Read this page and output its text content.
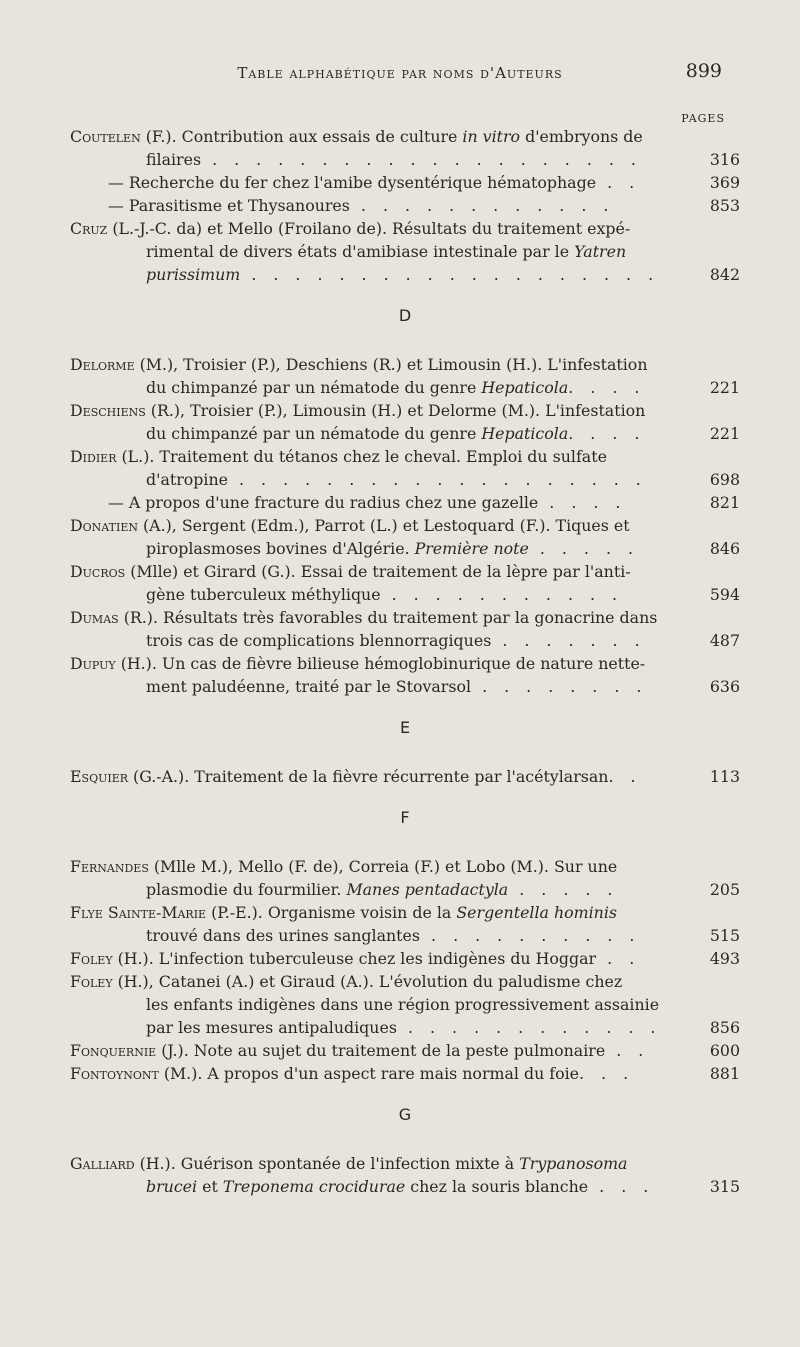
Table alphabétique par noms d'Auteurs	899
PAGES
Coutelen (F.). Contribution aux essais de culture in vitro d'embryons de
filaires . . . . . . . . . . . . . . . . . . . .	316
— Recherche du fer chez l'amibe dysentérique hématophage . .	369
— Parasitisme et Thysanoures . . . . . . . . . . . .	853
Cruz (L.-J.-C. da) et Mello (Froilano de). Résultats du traitement expé-
rimental de divers états d'amibiase intestinale par le Yatren
purissimum . . . . . . . . . . . . . . . . . . .	842
D
Delorme (M.), Troisier (P.), Deschiens (R.) et Limousin (H.). L'infestation
du chimpanzé par un nématode du genre Hepaticola. . . .	221
Deschiens (R.), Troisier (P.), Limousin (H.) et Delorme (M.). L'infestation
du chimpanzé par un nématode du genre Hepaticola. . . .	221
Didier (L.). Traitement du tétanos chez le cheval. Emploi du sulfate
d'atropine . . . . . . . . . . . . . . . . . . .	698
— A propos d'une fracture du radius chez une gazelle . . . .	821
Donatien (A.), Sergent (Edm.), Parrot (L.) et Lestoquard (F.). Tiques et
piroplasmoses bovines d'Algérie. Première note . . . . .	846
Ducros (Mlle) et Girard (G.). Essai de traitement de la lèpre par l'anti-
gène tuberculeux méthylique . . . . . . . . . . .	594
Dumas (R.). Résultats très favorables du traitement par la gonacrine dans
trois cas de complications blennorragiques . . . . . . .	487
Dupuy (H.). Un cas de fièvre bilieuse hémoglobinurique de nature nette-
ment paludéenne, traité par le Stovarsol . . . . . . . .	636
E
Esquier (G.-A.). Traitement de la fièvre récurrente par l'acétylarsan. .	113
F
Fernandes (Mlle M.), Mello (F. de), Correia (F.) et Lobo (M.). Sur une
plasmodie du fourmilier. Manes pentadactyla . . . . .	205
Flye Sainte-Marie (P.-E.). Organisme voisin de la Sergentella hominis
trouvé dans des urines sanglantes . . . . . . . . . .	515
Foley (H.). L'infection tuberculeuse chez les indigènes du Hoggar . .	493
Foley (H.), Catanei (A.) et Giraud (A.). L'évolution du paludisme chez
les enfants indigènes dans une région progressivement assainie
par les mesures antipaludiques . . . . . . . . . . . .	856
Fonquernie (J.). Note au sujet du traitement de la peste pulmonaire . .	600
Fontoynont (M.). A propos d'un aspect rare mais normal du foie. . .	881
G
Galliard (H.). Guérison spontanée de l'infection mixte à Trypanosoma
brucei et Treponema crocidurae chez la souris blanche . . .	315
